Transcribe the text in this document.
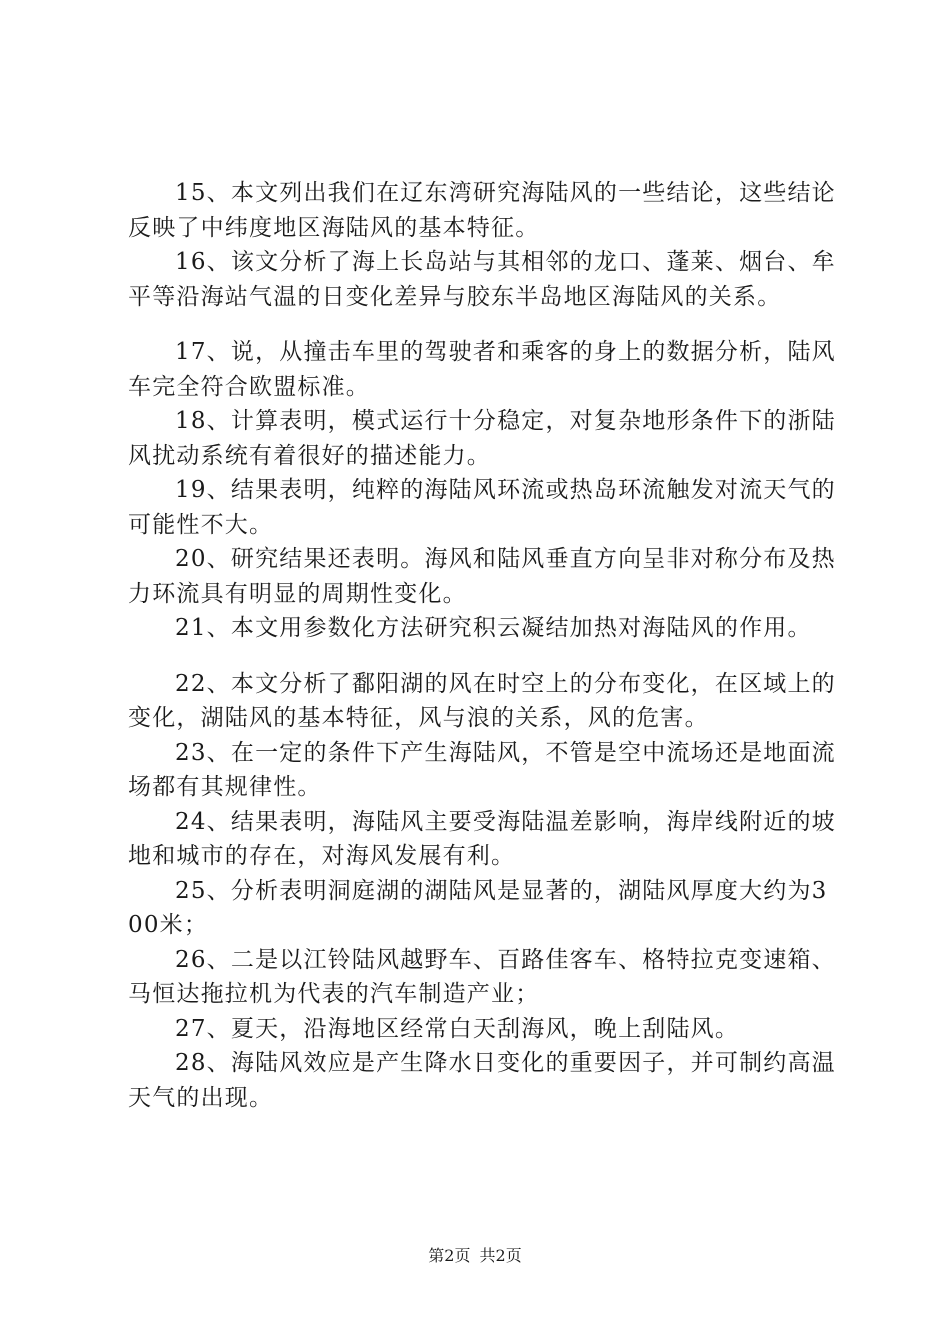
15、本文列出我们在辽东湾研究海陆风的一些结论，这些结论反映了中纬度地区海陆风的基本特征。

16、该文分析了海上长岛站与其相邻的龙口、蓬莱、烟台、牟平等沿海站气温的日变化差异与胶东半岛地区海陆风的关系。

17、说，从撞击车里的驾驶者和乘客的身上的数据分析，陆风车完全符合欧盟标准。

18、计算表明，模式运行十分稳定，对复杂地形条件下的浙陆风扰动系统有着很好的描述能力。

19、结果表明，纯粹的海陆风环流或热岛环流触发对流天气的可能性不大。

20、研究结果还表明。海风和陆风垂直方向呈非对称分布及热力环流具有明显的周期性变化。

21、本文用参数化方法研究积云凝结加热对海陆风的作用。

22、本文分析了鄱阳湖的风在时空上的分布变化，在区域上的变化，湖陆风的基本特征，风与浪的关系，风的危害。

23、在一定的条件下产生海陆风，不管是空中流场还是地面流场都有其规律性。

24、结果表明，海陆风主要受海陆温差影响，海岸线附近的坡地和城市的存在，对海风发展有利。

25、分析表明洞庭湖的湖陆风是显著的，湖陆风厚度大约为300米；

26、二是以江铃陆风越野车、百路佳客车、格特拉克变速箱、马恒达拖拉机为代表的汽车制造产业；

27、夏天，沿海地区经常白天刮海风，晚上刮陆风。

28、海陆风效应是产生降水日变化的重要因子，并可制约高温天气的出现。

第2页 共2页
